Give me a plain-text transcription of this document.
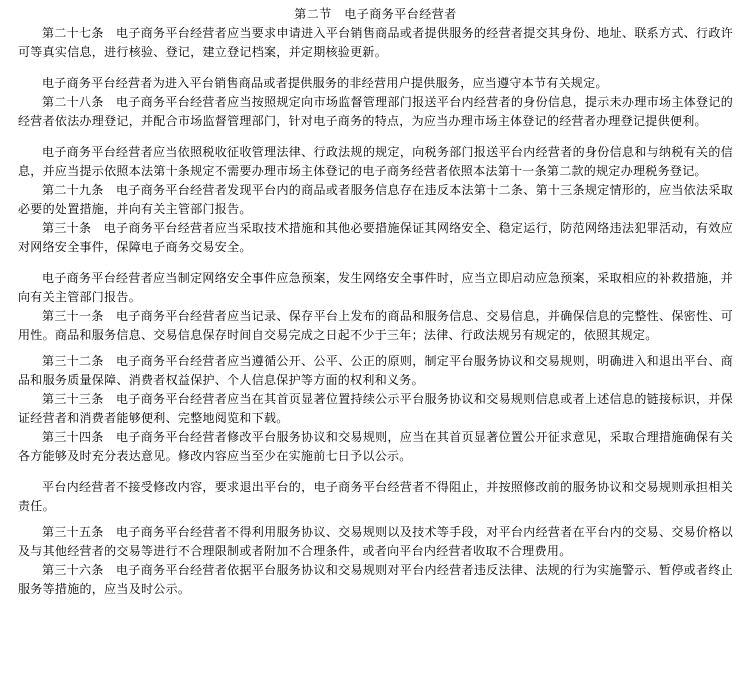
第二节　电子商务平台经营者

第二十七条　电子商务平台经营者应当要求申请进入平台销售商品或者提供服务的经营者提交其身份、地址、联系方式、行政许可等真实信息，进行核验、登记，建立登记档案，并定期核验更新。

电子商务平台经营者为进入平台销售商品或者提供服务的非经营用户提供服务，应当遵守本节有关规定。

第二十八条　电子商务平台经营者应当按照规定向市场监督管理部门报送平台内经营者的身份信息，提示未办理市场主体登记的经营者依法办理登记，并配合市场监督管理部门，针对电子商务的特点，为应当办理市场主体登记的经营者办理登记提供便利。

电子商务平台经营者应当依照税收征收管理法律、行政法规的规定，向税务部门报送平台内经营者的身份信息和与纳税有关的信息，并应当提示依照本法第十条规定不需要办理市场主体登记的电子商务经营者依照本法第十一条第二款的规定办理税务登记。

第二十九条　电子商务平台经营者发现平台内的商品或者服务信息存在违反本法第十二条、第十三条规定情形的，应当依法采取必要的处置措施，并向有关主管部门报告。

第三十条　电子商务平台经营者应当采取技术措施和其他必要措施保证其网络安全、稳定运行，防范网络违法犯罪活动，有效应对网络安全事件，保障电子商务交易安全。

电子商务平台经营者应当制定网络安全事件应急预案，发生网络安全事件时，应当立即启动应急预案，采取相应的补救措施，并向有关主管部门报告。

第三十一条　电子商务平台经营者应当记录、保存平台上发布的商品和服务信息、交易信息，并确保信息的完整性、保密性、可用性。商品和服务信息、交易信息保存时间自交易完成之日起不少于三年；法律、行政法规另有规定的，依照其规定。

第三十二条　电子商务平台经营者应当遵循公开、公平、公正的原则，制定平台服务协议和交易规则，明确进入和退出平台、商品和服务质量保障、消费者权益保护、个人信息保护等方面的权利和义务。

第三十三条　电子商务平台经营者应当在其首页显著位置持续公示平台服务协议和交易规则信息或者上述信息的链接标识，并保证经营者和消费者能够便利、完整地阅览和下载。

第三十四条　电子商务平台经营者修改平台服务协议和交易规则，应当在其首页显著位置公开征求意见，采取合理措施确保有关各方能够及时充分表达意见。修改内容应当至少在实施前七日予以公示。

平台内经营者不接受修改内容，要求退出平台的，电子商务平台经营者不得阻止，并按照修改前的服务协议和交易规则承担相关责任。

第三十五条　电子商务平台经营者不得利用服务协议、交易规则以及技术等手段，对平台内经营者在平台内的交易、交易价格以及与其他经营者的交易等进行不合理限制或者附加不合理条件，或者向平台内经营者收取不合理费用。

第三十六条　电子商务平台经营者依据平台服务协议和交易规则对平台内经营者违反法律、法规的行为实施警示、暂停或者终止服务等措施的，应当及时公示。
